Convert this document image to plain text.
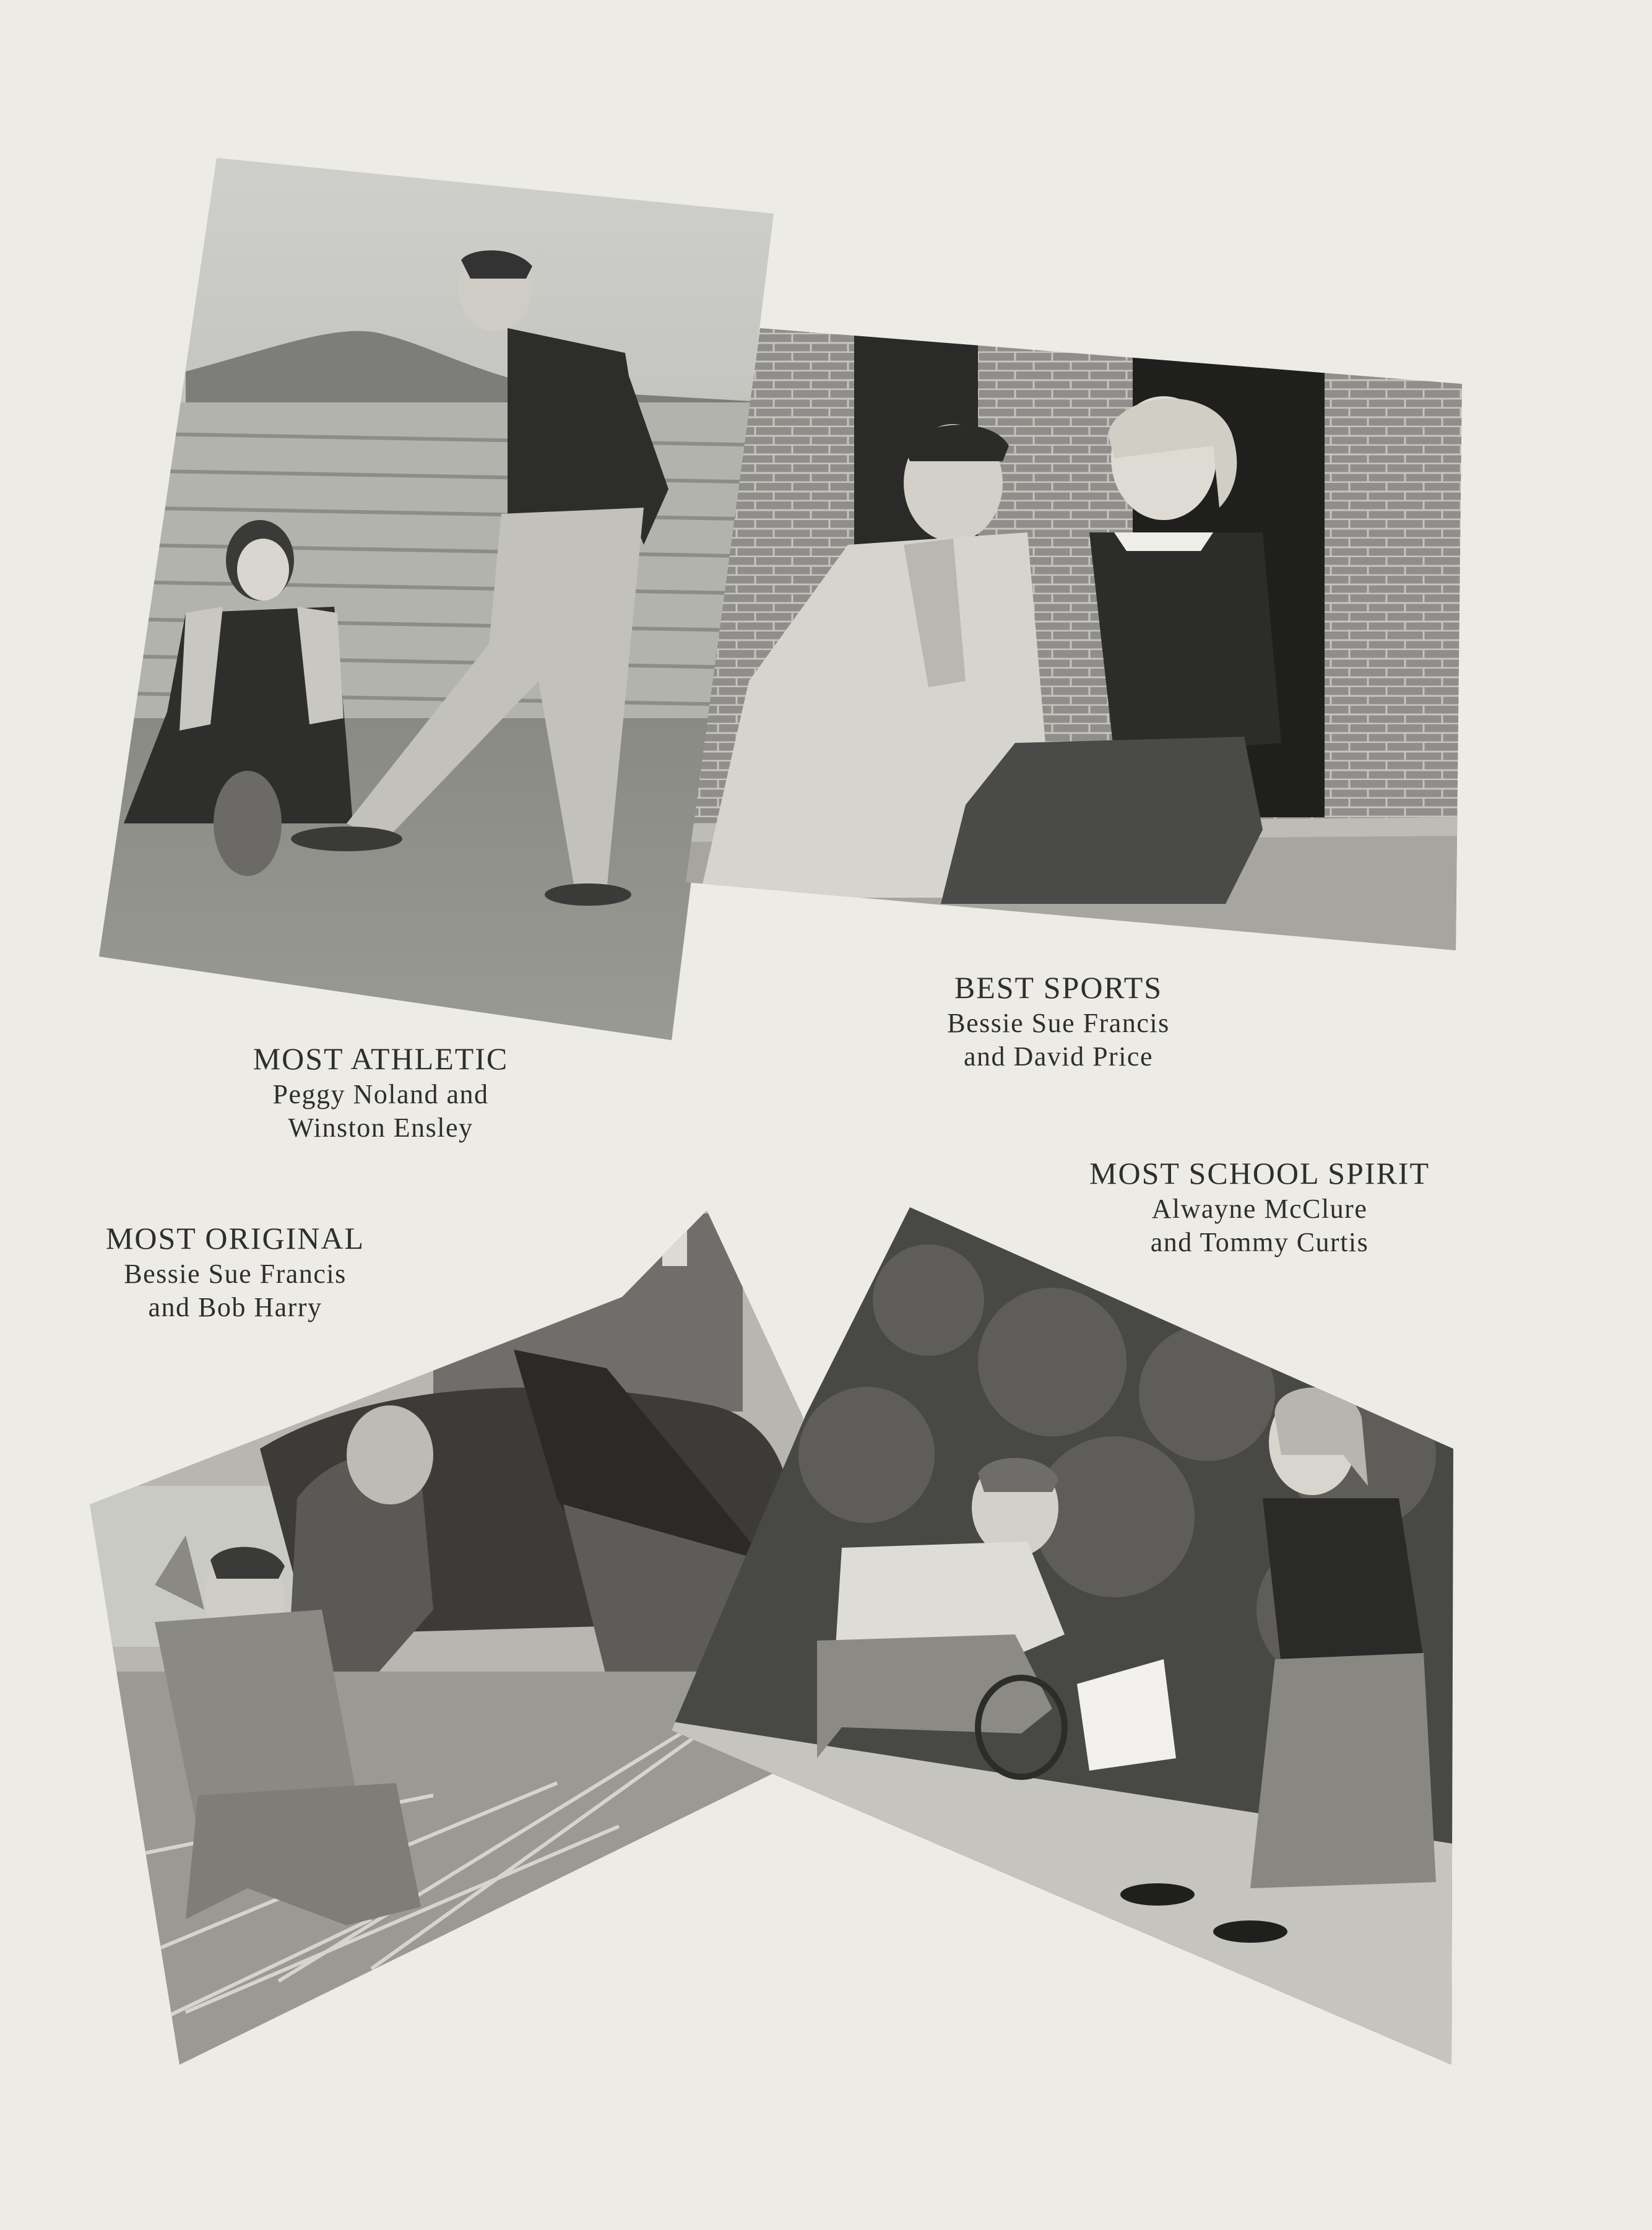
MOST ATHLETIC
Peggy Noland and
Winston Ensley
BEST SPORTS
Bessie Sue Francis
and David Price
MOST ORIGINAL
Bessie Sue Francis
and Bob Harry
MOST SCHOOL SPIRIT
Alwayne McClure
and Tommy Curtis
